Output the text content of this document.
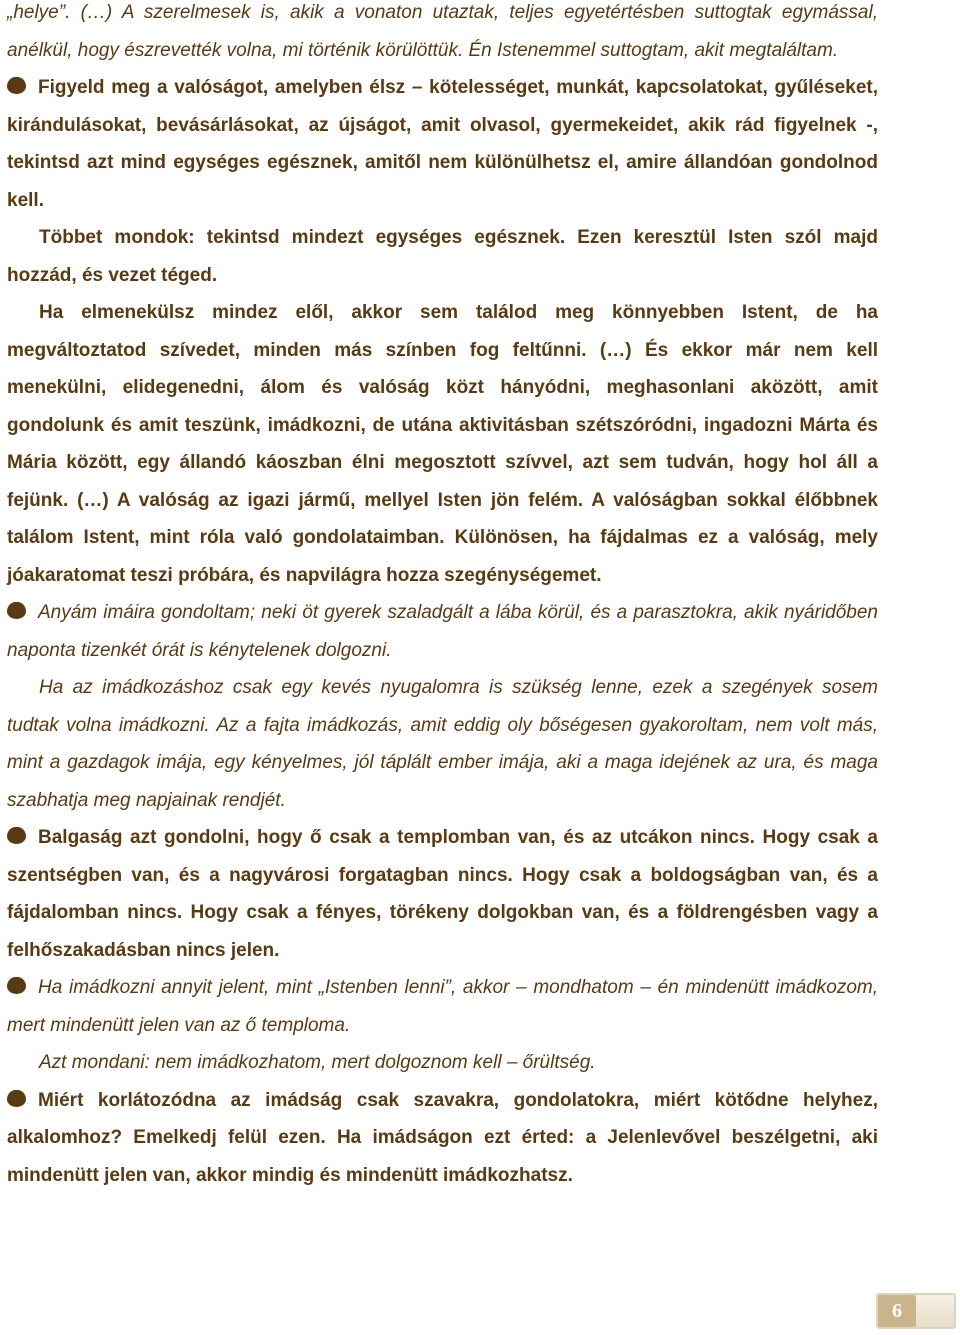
„helye”. (…) A szerelmesek is, akik a vonaton utaztak, teljes egyetértésben suttogtak egymással, anélkül, hogy észrevették volna, mi történik körülöttük. Én Istenemmel suttogtam, akit megtaláltam.

Figyeld meg a valóságot, amelyben élsz – kötelességet, munkát, kapcsolatokat, gyűléseket, kirándulásokat, bevásárlásokat, az újságot, amit olvasol, gyermekeidet, akik rád figyelnek -, tekintsd azt mind egységes egésznek, amitől nem különülhetsz el, amire állandóan gondolnod kell.

Többet mondok: tekintsd mindezt egységes egésznek. Ezen keresztül Isten szól majd hozzád, és vezet téged.

Ha elmenekülsz mindez elől, akkor sem találod meg könnyebben Istent, de ha megváltoztatod szívedet, minden más színben fog feltűnni. (…) És ekkor már nem kell menekülni, elidegenedni, álom és valóság közt hányódni, meghasonlani aközött, amit gondolunk és amit teszünk, imádkozni, de utána aktivitásban szétszóródni, ingadozni Márta és Mária között, egy állandó káoszban élni megosztott szívvel, azt sem tudván, hogy hol áll a fejünk. (…) A valóság az igazi jármű, mellyel Isten jön felém. A valóságban sokkal élőbbnek találom Istent, mint róla való gondolataimban. Különösen, ha fájdalmas ez a valóság, mely jóakaratomat teszi próbára, és napvilágra hozza szegénységemet.

Anyám imáira gondoltam; neki öt gyerek szaladgált a lába körül, és a parasztokra, akik nyáridőben naponta tizenkét órát is kénytelenek dolgozni.

Ha az imádkozáshoz csak egy kevés nyugalomra is szükség lenne, ezek a szegények sosem tudtak volna imádkozni. Az a fajta imádkozás, amit eddig oly bőségesen gyakoroltam, nem volt más, mint a gazdagok imája, egy kényelmes, jól táplált ember imája, aki a maga idejének az ura, és maga szabhatja meg napjainak rendjét.

Balgaság azt gondolni, hogy ő csak a templomban van, és az utcákon nincs. Hogy csak a szentségben van, és a nagyvárosi forgatagban nincs. Hogy csak a boldogságban van, és a fájdalomban nincs. Hogy csak a fényes, törékeny dolgokban van, és a földrengésben vagy a felhőszakadásban nincs jelen.

Ha imádkozni annyit jelent, mint „Istenben lenni”, akkor – mondhatom – én mindenütt imádkozom, mert mindenütt jelen van az ő temploma.

Azt mondani: nem imádkozhatom, mert dolgoznom kell – őrültség.

Miért korlátozódna az imádság csak szavakra, gondolatokra, miért kötődne helyhez, alkalomhoz? Emelkedj felül ezen. Ha imádságon ezt érted: a Jelenlevővel beszélgetni, aki mindenütt jelen van, akkor mindig és mindenütt imádkozhatsz.

6
